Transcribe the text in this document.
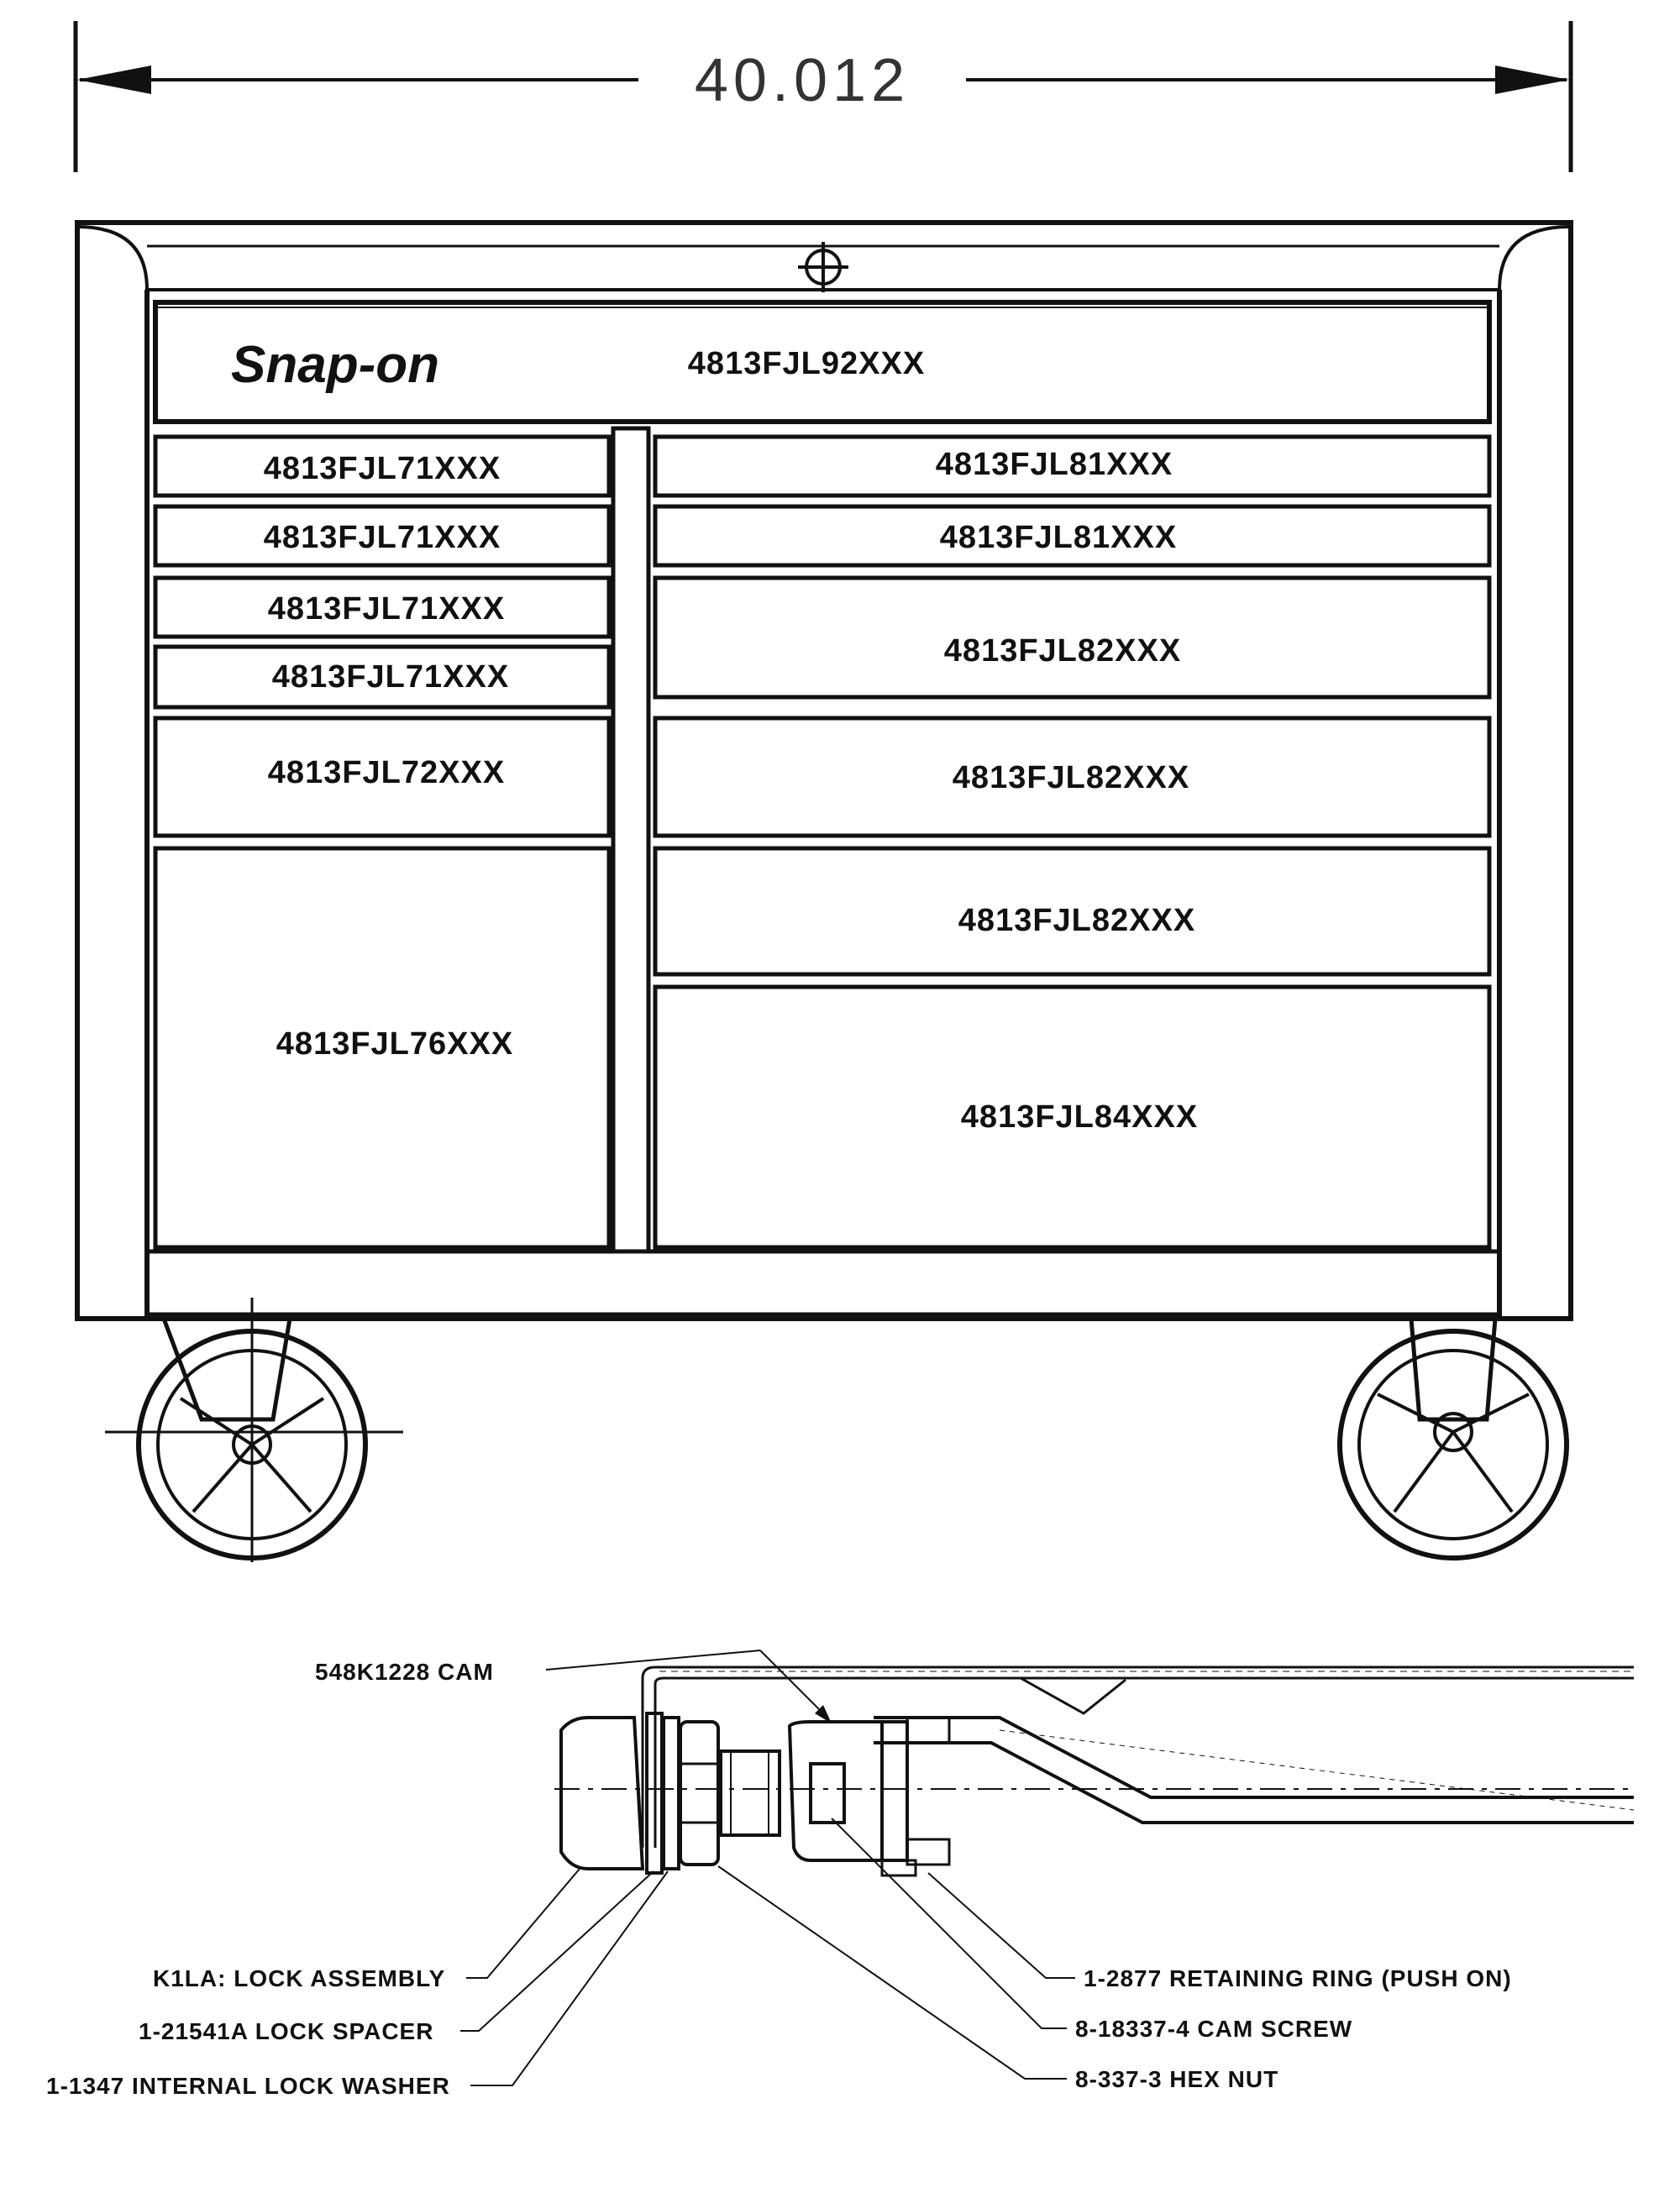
40.012
Snap-on	4813FJL92XXX
4813FJL71XXX
4813FJL71XXX
4813FJL71XXX
4813FJL71XXX
4813FJL72XXX
4813FJL76XXX
4813FJL81XXX
4813FJL81XXX
4813FJL82XXX
4813FJL82XXX
4813FJL82XXX
4813FJL84XXX
548K1228 CAM
K1LA: LOCK ASSEMBLY
1-21541A LOCK SPACER
1-1347 INTERNAL LOCK WASHER
1-2877 RETAINING RING (PUSH ON)
8-18337-4 CAM SCREW
8-337-3 HEX NUT
